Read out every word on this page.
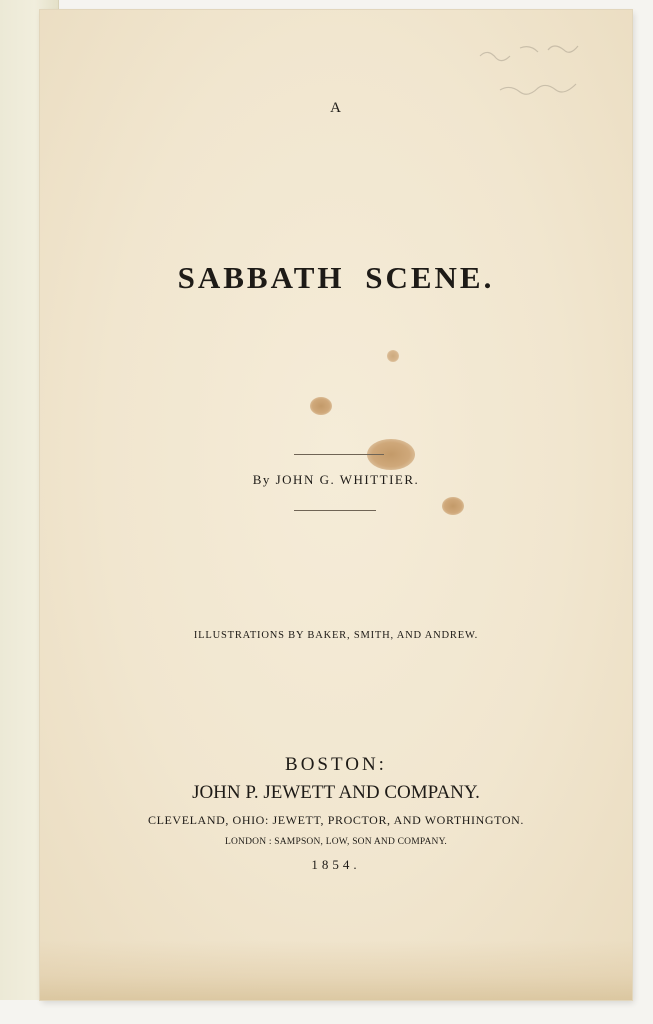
A
SABBATH SCENE.
By JOHN G. WHITTIER.
ILLUSTRATIONS BY BAKER, SMITH, AND ANDREW.
BOSTON:
JOHN P. JEWETT AND COMPANY.
CLEVELAND, OHIO: JEWETT, PROCTOR, AND WORTHINGTON.
LONDON : SAMPSON, LOW, SON AND COMPANY.
1854.
